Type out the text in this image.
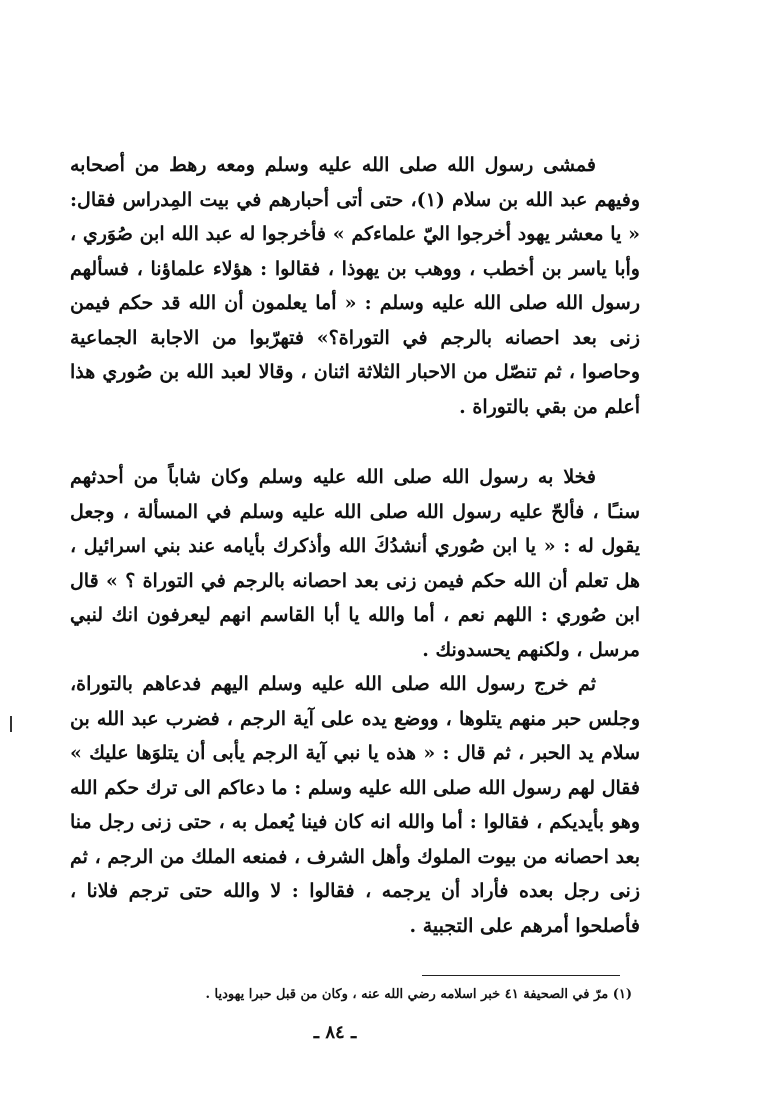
فمشى رسول الله صلى الله عليه وسلم ومعه رهط من أصحابه وفيهم عبد الله بن سلام (١)، حتى أتى أحبارهم في بيت المِدراس فقال: « يا معشر يهود أخرجوا اليّ علماءكم » فأخرجوا له عبد الله ابن صُوَري ، وأبا ياسر بن أخطب ، ووهب بن يهوذا ، فقالوا : هؤلاء علماؤنا ، فسألهم رسول الله صلى الله عليه وسلم : « أما يعلمون أن الله قد حكم فيمن زنى بعد احصانه بالرجم في التوراة؟» فتهرّبوا من الاجابة الجماعية وحاصوا ، ثم تنصّل من الاحبار الثلاثة اثنان ، وقالا لعبد الله بن صُوري هذا أعلم من بقي بالتوراة .

فخلا به رسول الله صلى الله عليه وسلم وكان شاباً من أحدثهم سنـًا ، فألحّ عليه رسول الله صلى الله عليه وسلم في المسألة ، وجعل يقول له : « يا ابن صُوري أنشدُكَ الله وأذكرك بأيامه عند بني اسرائيل ، هل تعلم أن الله حكم فيمن زنى بعد احصانه بالرجم في التوراة ؟ » قال ابن صُوري : اللهم نعم ، أما والله يا أبا القاسم انهم ليعرفون انك لنبي مرسل ، ولكنهم يحسدونك .

ثم خرج رسول الله صلى الله عليه وسلم اليهم فدعاهم بالتوراة، وجلس حبر منهم يتلوها ، ووضع يده على آية الرجم ، فضرب عبد الله بن سلام يد الحبر ، ثم قال : « هذه يا نبي آية الرجم يأبى أن يتلوَها عليك » فقال لهم رسول الله صلى الله عليه وسلم : ما دعاكم الى ترك حكم الله وهو بأيديكم ، فقالوا : أما والله انه كان فينا يُعمل به ، حتى زنى رجل منا بعد احصانه من بيوت الملوك وأهل الشرف ، فمنعه الملك من الرجم ، ثم زنى رجل بعده فأراد أن يرجمه ، فقالوا : لا والله حتى ترجم فلانا ، فأصلحوا أمرهم على التجبية .

(١) مرّ في الصحيفة ٤١ خبر اسلامه رضي الله عنه ، وكان من قبل حبرا يهوديا .
ـ ٨٤ ـ
